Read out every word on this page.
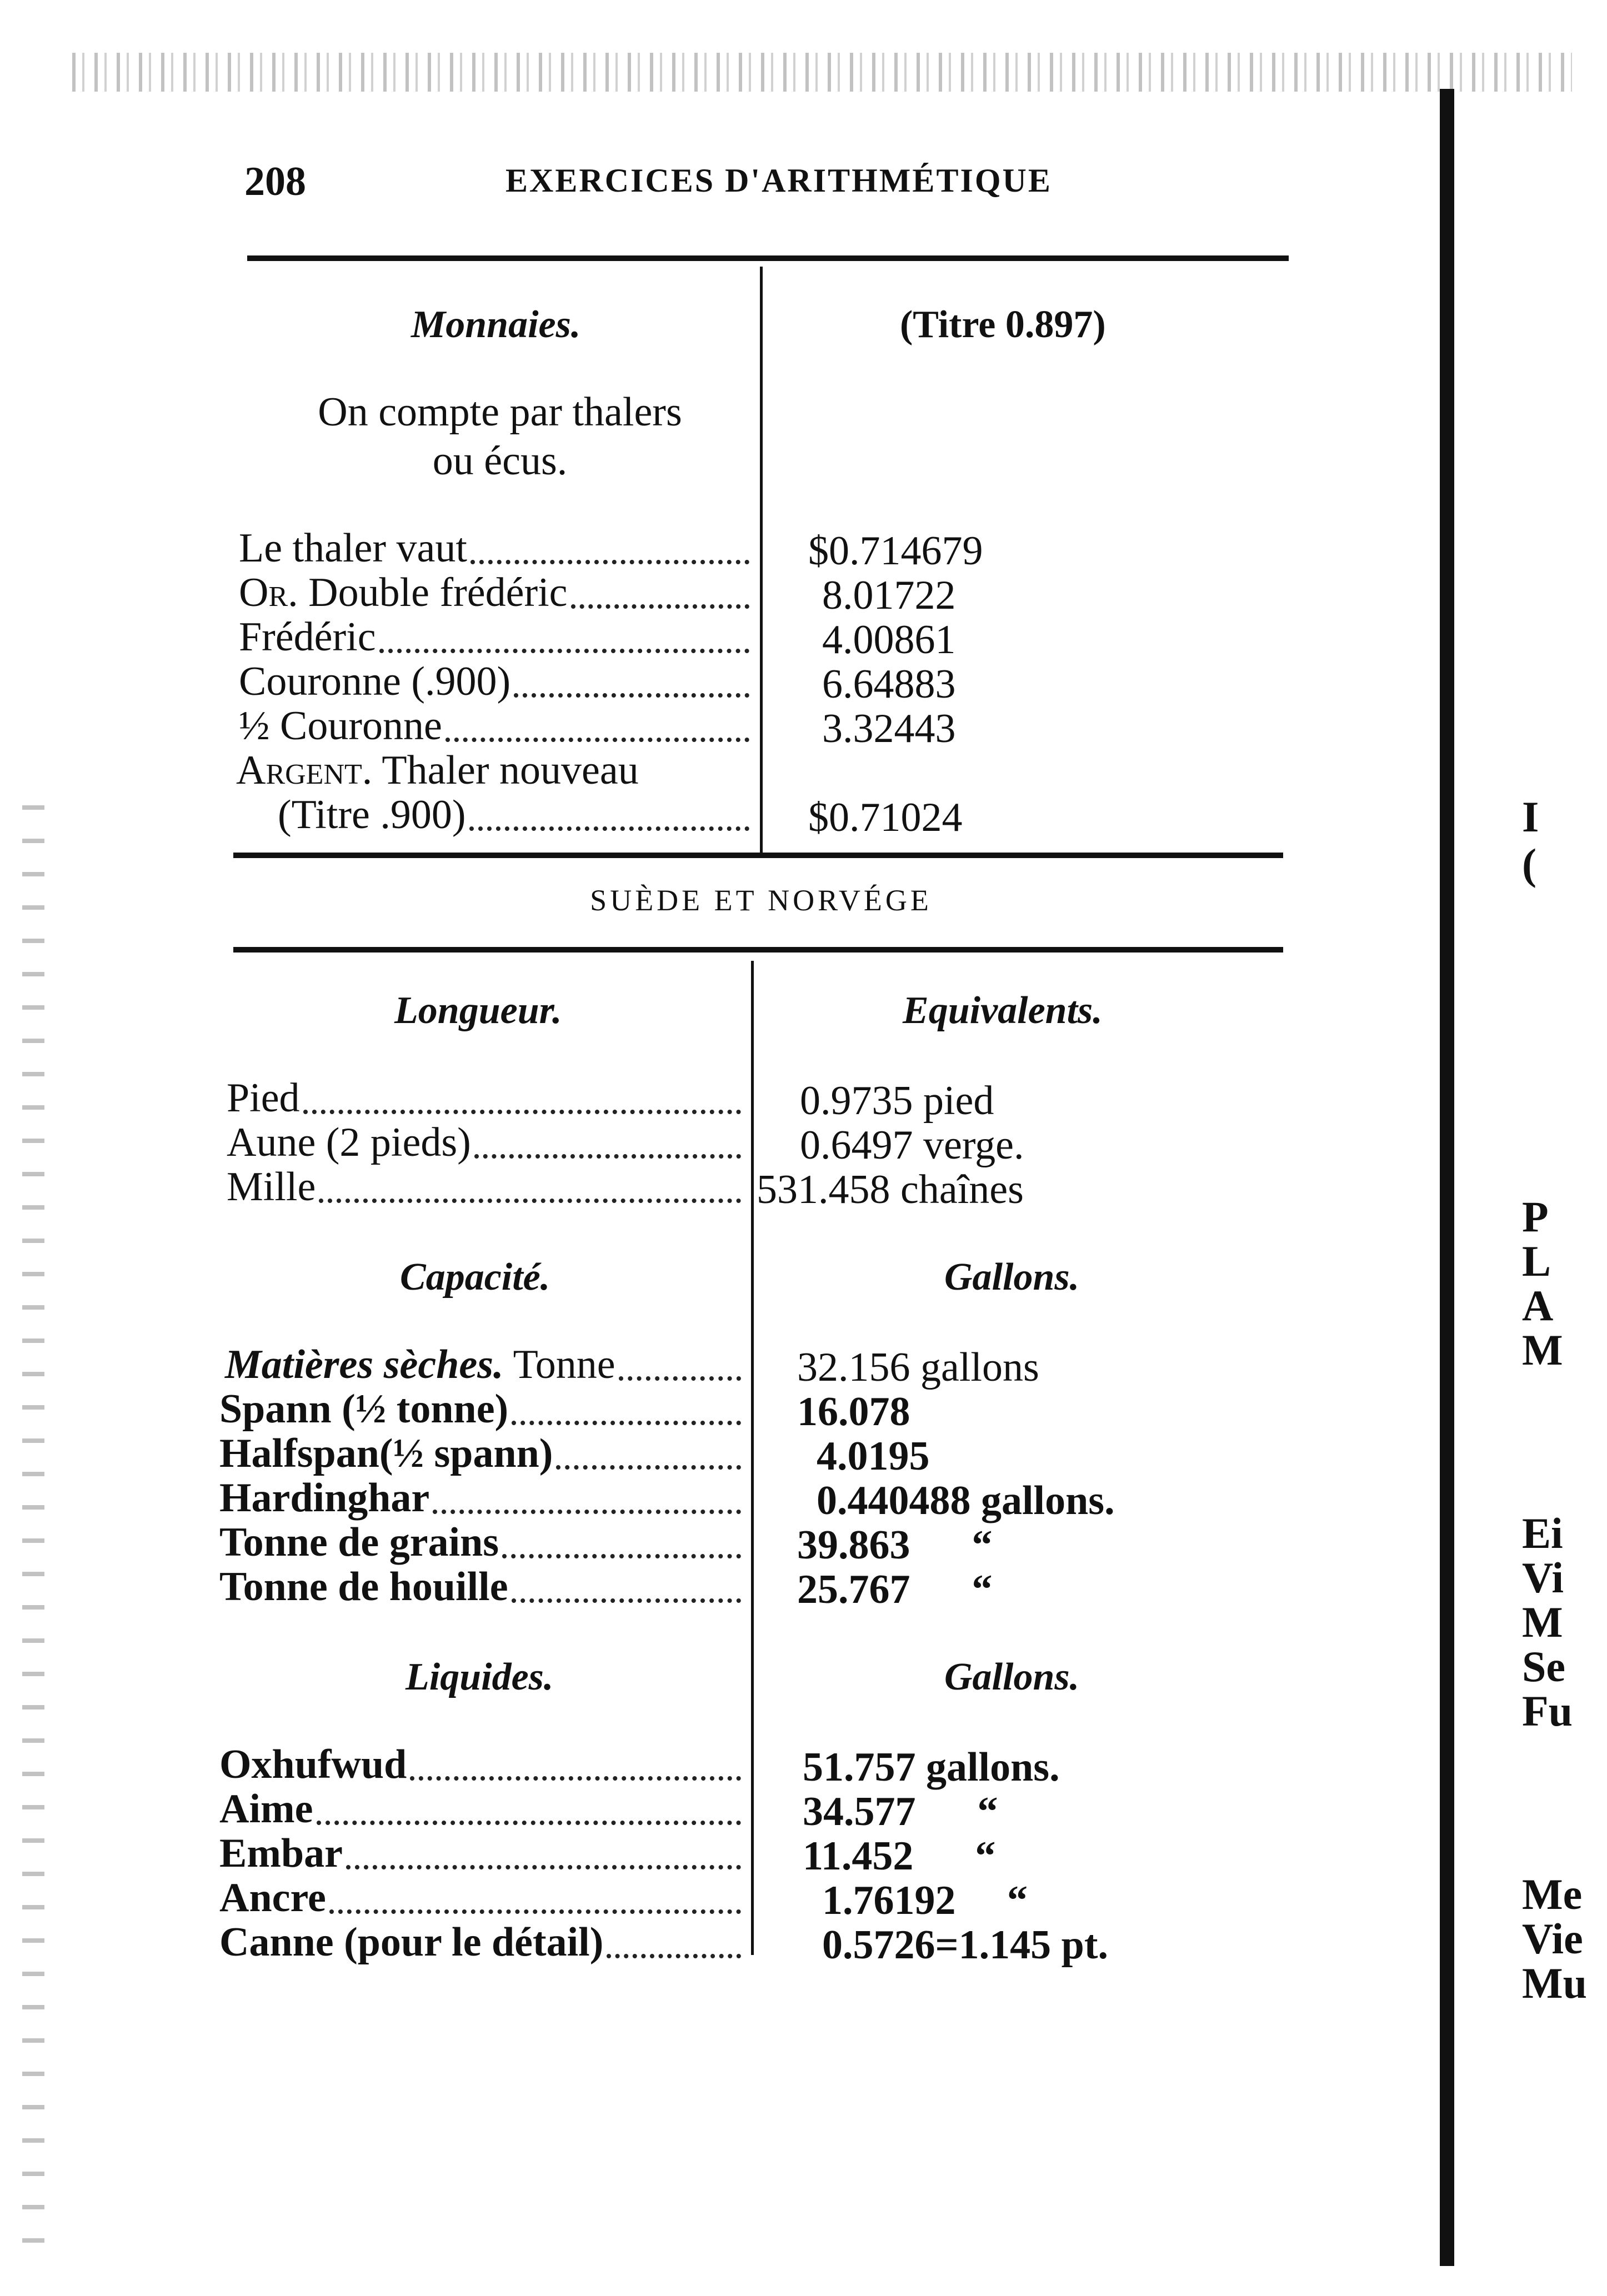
208	EXERCICES D'ARITHMÉTIQUE
Monnaies.	(Titre 0.897)
On compte par thalers
ou écus.
Le thaler vaut	$0.714679
Or. Double frédéric	8.01722
Frédéric	4.00861
Couronne (.900)	6.64883
½ Couronne	3.32443
Argent. Thaler nouveau
(Titre .900)	$0.71024
SUÈDE ET NORVÉGE
Longueur.	Equivalents.
Pied	0.9735 pied
Aune (2 pieds)	0.6497 verge.
Mille	531.458 chaînes
Capacité.	Gallons.
Matières sèches. Tonne	32.156 gallons
Spann (½ tonne)	16.078
Halfspan(½ spann)	4.0195
Hardinghar	0.440488 gallons.
Tonne de grains	39.863      “
Tonne de houille	25.767      “
Liquides.	Gallons.
Oxhufwud	51.757 gallons.
Aime	34.577      “
Embar	11.452      “
Ancre	1.76192     “
Canne (pour le détail)	0.5726=1.145 pt.
I
(
P
L
A
M
Ei
Vi
M
Se
Fu
Me
Vie
Mu
